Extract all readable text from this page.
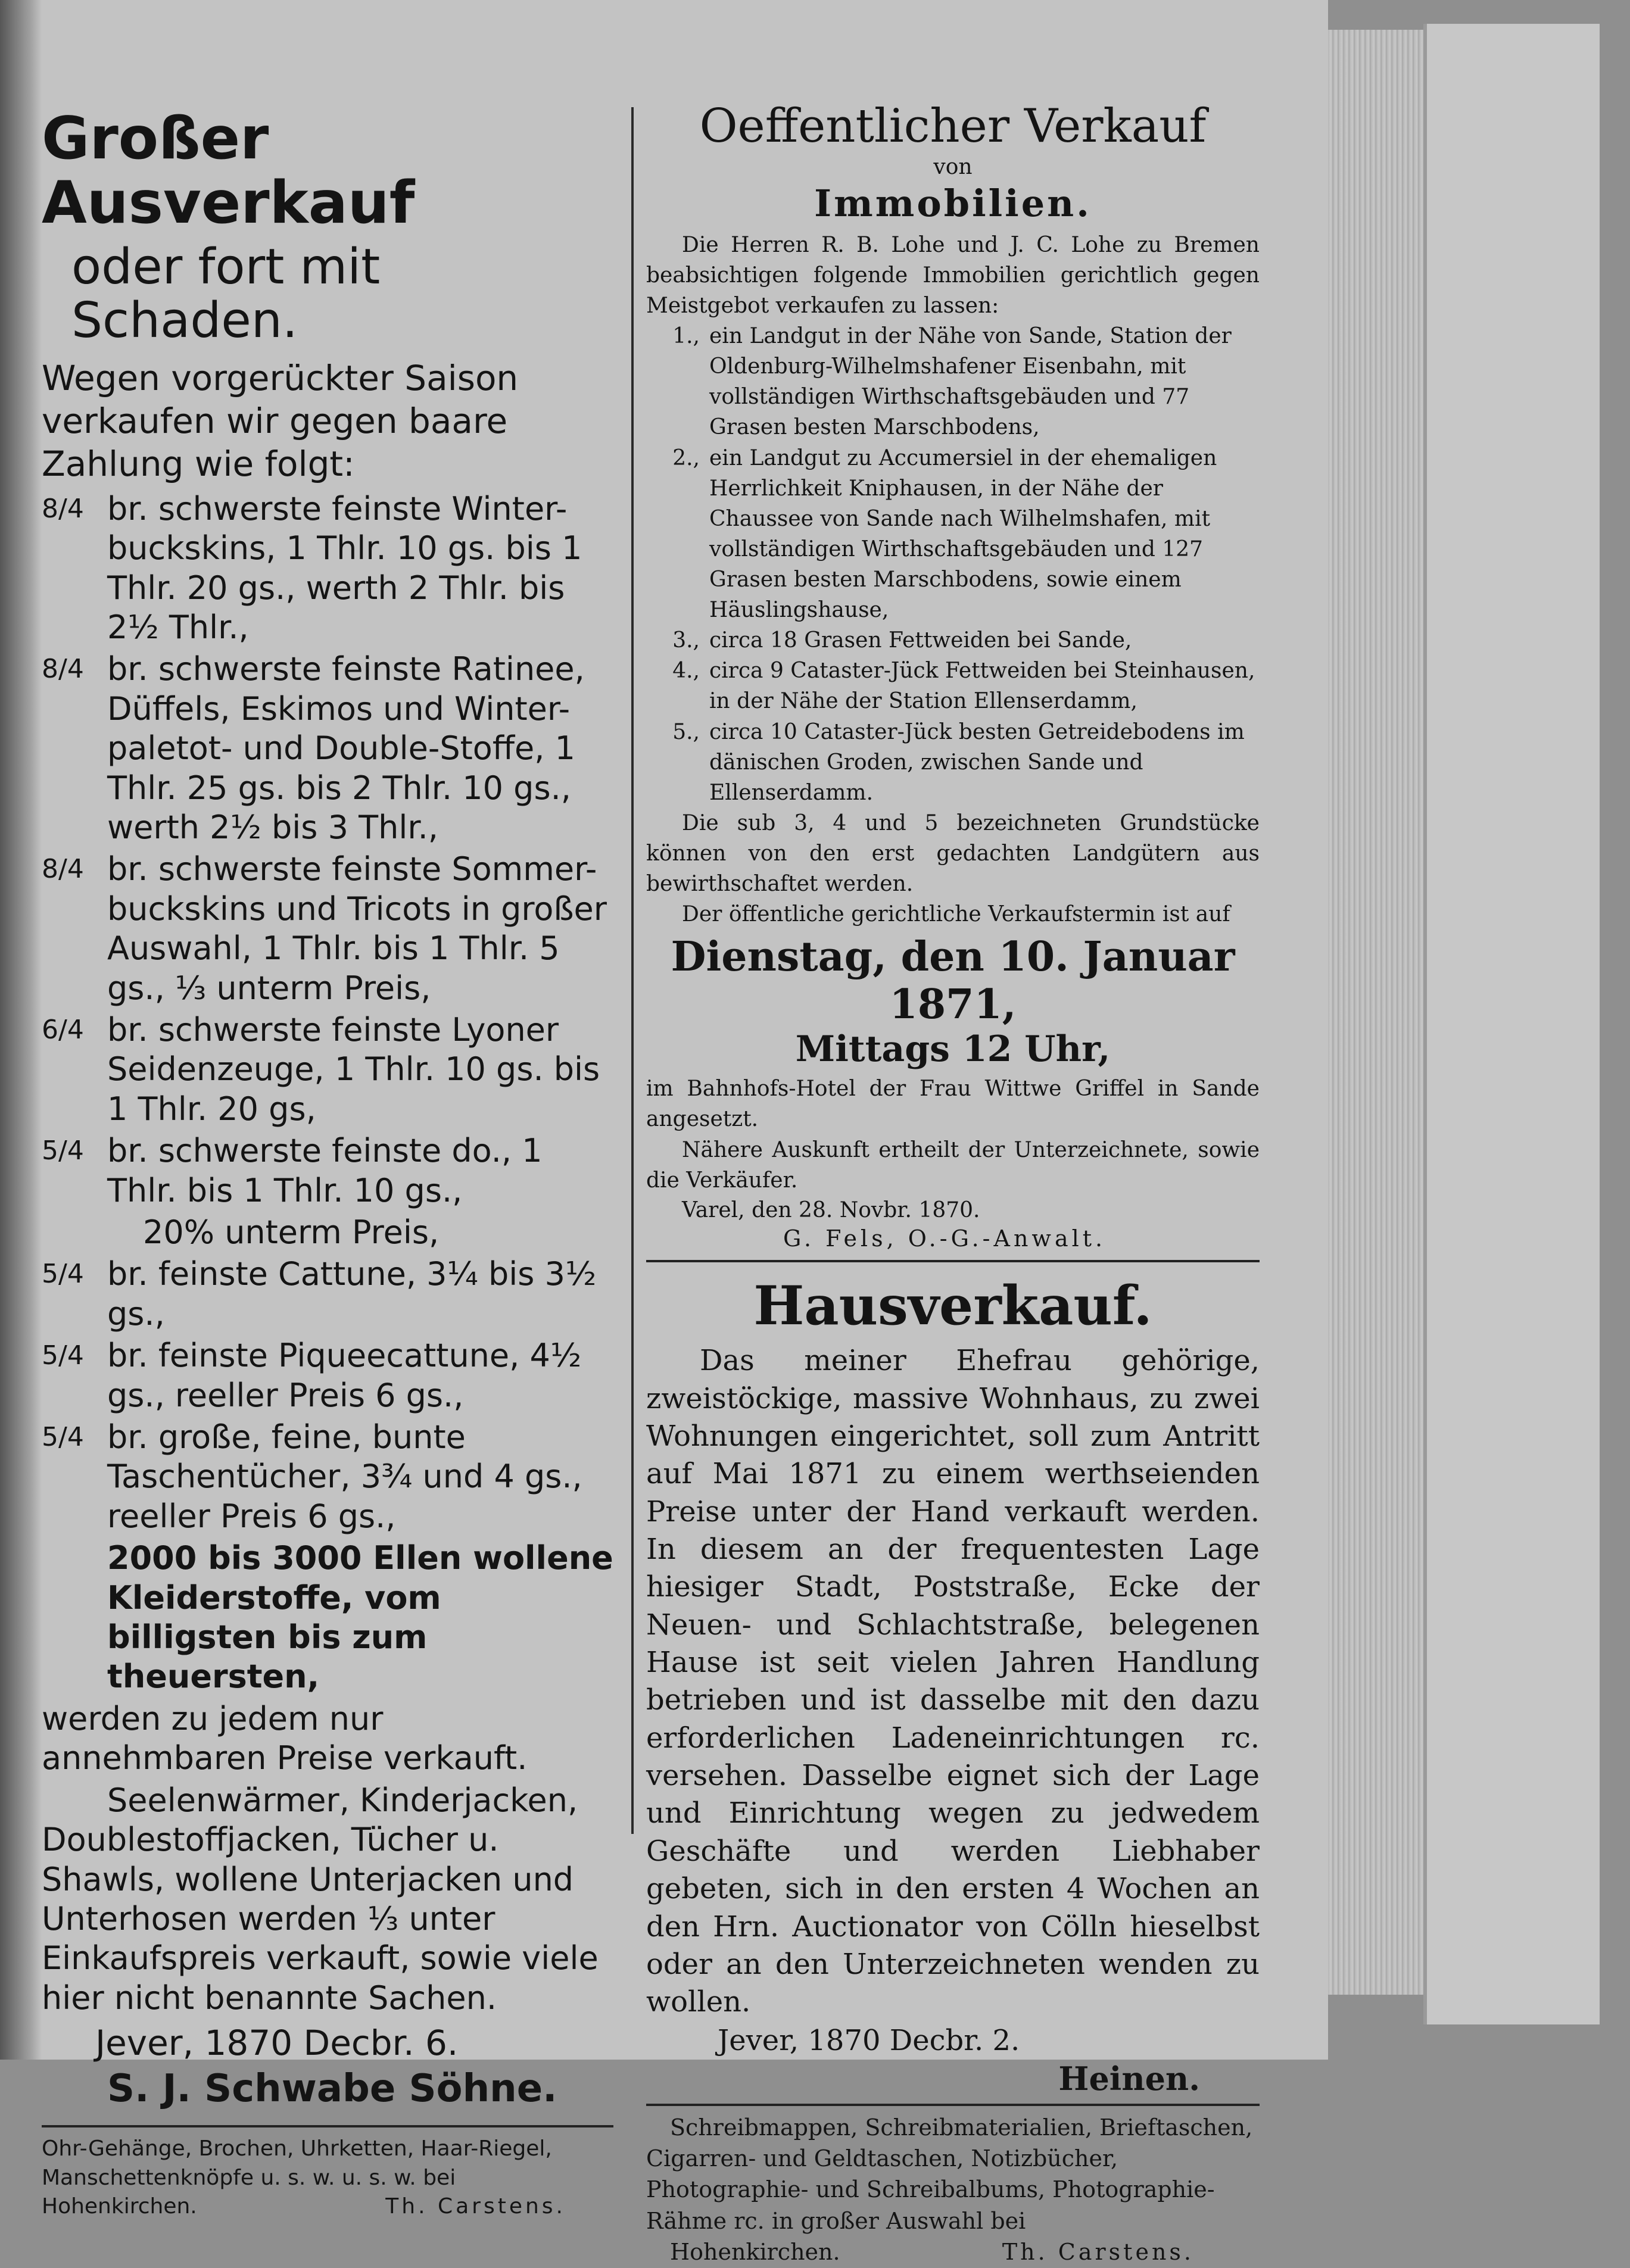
Großer Ausverkauf
oder fort mit Schaden.
Wegen vorgerückter Saison verkaufen wir gegen baare Zahlung wie folgt:
8/4 br. schwerste feinste Winter-buckskins, 1 Thlr. 10 gs. bis 1 Thlr. 20 gs., werth 2 Thlr. bis 2½ Thlr.,
8/4 br. schwerste feinste Ratinee, Düffels, Eskimos und Winter-paletot- und Double-Stoffe, 1 Thlr. 25 gs. bis 2 Thlr. 10 gs., werth 2½ bis 3 Thlr.,
8/4 br. schwerste feinste Sommer-buckskins und Tricots in großer Auswahl, 1 Thlr. bis 1 Thlr. 5 gs., ⅓ unterm Preis,
6/4 br. schwerste feinste Lyoner Seidenzeuge, 1 Thlr. 10 gs. bis 1 Thlr. 20 gs,
5/4 br. schwerste feinste do., 1 Thlr. bis 1 Thlr. 10 gs.,
20% unterm Preis,
5/4 br. feinste Cattune, 3¼ bis 3½ gs.,
5/4 br. feinste Piqueecattune, 4½ gs., reeller Preis 6 gs.,
5/4 br. große, feine, bunte Taschentücher, 3¾ und 4 gs., reeller Preis 6 gs.,
2000 bis 3000 Ellen wollene Kleiderstoffe, vom billigsten bis zum theuersten,
werden zu jedem nur annehmbaren Preise verkauft.
Seelenwärmer, Kinderjacken, Doublestoffjacken, Tücher u. Shawls, wollene Unterjacken und Unterhosen werden ⅓ unter Einkaufspreis verkauft, sowie viele hier nicht benannte Sachen.
Jever, 1870 Decbr. 6.
S. J. Schwabe Söhne.
Ohr-Gehänge, Brochen, Uhrketten, Haar-Riegel, Manschettenknöpfe u. s. w. u. s. w. bei
Hohenkirchen.	Th. Carstens.
Oeffentlicher Verkauf
von
Immobilien.
Die Herren R. B. Lohe und J. C. Lohe zu Bremen beabsichtigen folgende Immobilien gerichtlich gegen Meistgebot verkaufen zu lassen:
1., ein Landgut in der Nähe von Sande, Station der Oldenburg-Wilhelmshafener Eisenbahn, mit vollständigen Wirthschaftsgebäuden und 77 Grasen besten Marschbodens,
2., ein Landgut zu Accumersiel in der ehemaligen Herrlichkeit Kniphausen, in der Nähe der Chaussee von Sande nach Wilhelmshafen, mit vollständigen Wirthschaftsgebäuden und 127 Grasen besten Marschbodens, sowie einem Häuslingshause,
3., circa 18 Grasen Fettweiden bei Sande,
4., circa 9 Cataster-Jück Fettweiden bei Steinhausen, in der Nähe der Station Ellenserdamm,
5., circa 10 Cataster-Jück besten Getreidebodens im dänischen Groden, zwischen Sande und Ellenserdamm.
Die sub 3, 4 und 5 bezeichneten Grundstücke können von den erst gedachten Landgütern aus bewirthschaftet werden.
Der öffentliche gerichtliche Verkaufstermin ist auf
Dienstag, den 10. Januar 1871,
Mittags 12 Uhr,
im Bahnhofs-Hotel der Frau Wittwe Griffel in Sande angesetzt.
Nähere Auskunft ertheilt der Unterzeichnete, sowie die Verkäufer.
Varel, den 28. Novbr. 1870.
G. Fels, O.-G.-Anwalt.
Hausverkauf.
Das meiner Ehefrau gehörige, zweistöckige, massive Wohnhaus, zu zwei Wohnungen eingerichtet, soll zum Antritt auf Mai 1871 zu einem werthseienden Preise unter der Hand verkauft werden. In diesem an der frequentesten Lage hiesiger Stadt, Poststraße, Ecke der Neuen- und Schlachtstraße, belegenen Hause ist seit vielen Jahren Handlung betrieben und ist dasselbe mit den dazu erforderlichen Ladeneinrichtungen rc. versehen. Dasselbe eignet sich der Lage und Einrichtung wegen zu jedwedem Geschäfte und werden Liebhaber gebeten, sich in den ersten 4 Wochen an den Hrn. Auctionator von Cölln hieselbst oder an den Unterzeichneten wenden zu wollen.
Jever, 1870 Decbr. 2.
Heinen.
Schreibmappen, Schreibmaterialien, Brieftaschen, Cigarren- und Geldtaschen, Notizbücher, Photographie- und Schreibalbums, Photographie-Rähme rc. in großer Auswahl bei
Hohenkirchen.	Th. Carstens.
